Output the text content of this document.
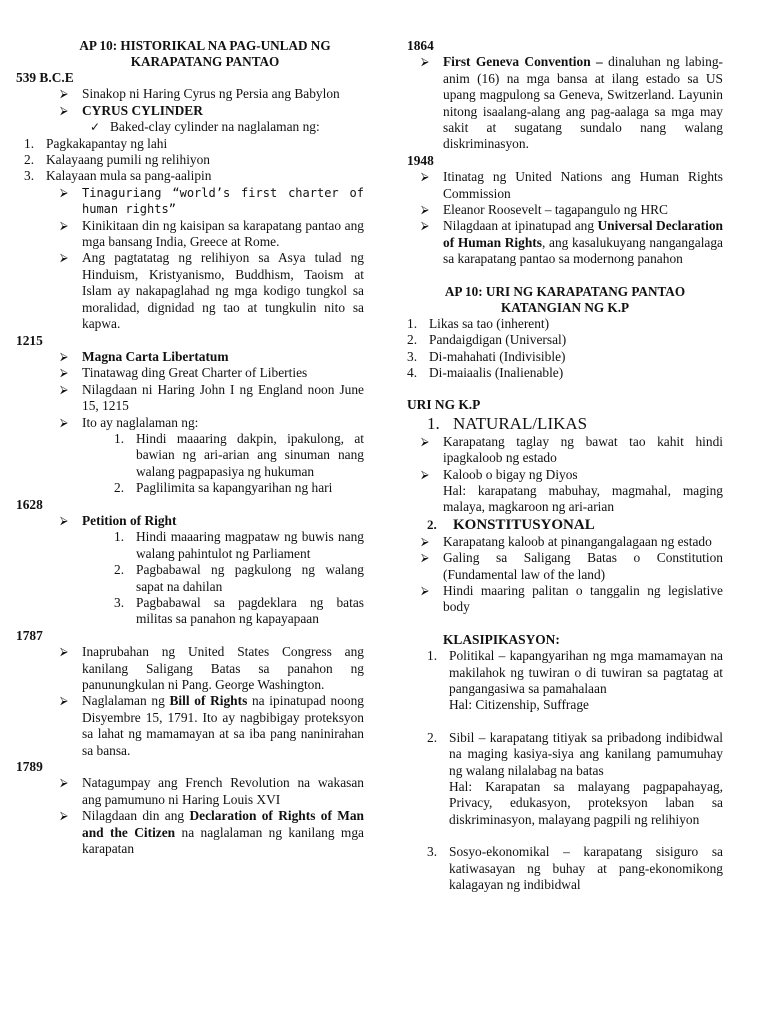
AP 10: HISTORIKAL NA PAG-UNLAD NG
KARAPATANG PANTAO
539 B.C.E
⮚	Sinakop ni Haring Cyrus ng Persia ang Babylon
⮚	CYRUS CYLINDER
✓ Baked-clay cylinder na naglalaman ng:
1. Pagkakapantay ng lahi
2. Kalayaang pumili ng relihiyon
3. Kalayaan mula sa pang-aalipin
⮚	Tinaguriang “world’s first charter of human rights”
⮚	Kinikitaan din ng kaisipan sa karapatang pantao ang mga bansang India, Greece at Rome.
⮚	Ang pagtatatag ng relihiyon sa Asya tulad ng Hinduism, Kristyanismo, Buddhism, Taoism at Islam ay nakapaglahad ng mga kodigo tungkol sa moralidad, dignidad ng tao at tungkulin nito sa kapwa.
1215
⮚	Magna Carta Libertatum
⮚	Tinatawag ding Great Charter of Liberties
⮚	Nilagdaan ni Haring John I ng England noon June 15, 1215
⮚	Ito ay naglalaman ng:
1. Hindi maaaring dakpin, ipakulong, at bawian ng ari-arian ang sinuman nang walang pagpapasiya ng hukuman
2. Paglilimita sa kapangyarihan ng hari
1628
⮚	Petition of Right
1. Hindi maaaring magpataw ng buwis nang walang pahintulot ng Parliament
2. Pagbabawal ng pagkulong ng walang sapat na dahilan
3. Pagbabawal sa pagdeklara ng batas militas sa panahon ng kapayapaan
1787
⮚	Inaprubahan ng United States Congress ang kanilang Saligang Batas sa panahon ng panunungkulan ni Pang. George Washington.
⮚	Naglalaman ng Bill of Rights na ipinatupad noong Disyembre 15, 1791. Ito ay nagbibigay proteksyon sa lahat ng mamamayan at sa iba pang naninirahan sa bansa.
1789
⮚	Natagumpay ang French Revolution na wakasan ang pamumuno ni Haring Louis XVI
⮚	Nilagdaan din ang Declaration of Rights of Man and the Citizen na naglalaman ng kanilang mga karapatan
1864
⮚	First Geneva Convention – dinaluhan ng labing-anim (16) na mga bansa at ilang estado sa US upang magpulong sa Geneva, Switzerland. Layunin nitong isaalang-alang ang pag-aalaga sa mga may sakit at sugatang sundalo nang walang diskriminasyon.
1948
⮚	Itinatag ng United Nations ang Human Rights Commission
⮚	Eleanor Roosevelt – tagapangulo ng HRC
⮚	Nilagdaan at ipinatupad ang Universal Declaration of Human Rights, ang kasalukuyang nangangalaga sa karapatang pantao sa modernong panahon
AP 10: URI NG KARAPATANG PANTAO
KATANGIAN NG K.P
1. Likas sa tao (inherent)
2. Pandaigdigan (Universal)
3. Di-mahahati (Indivisible)
4. Di-maiaalis (Inalienable)
URI NG K.P
1. NATURAL/LIKAS
⮚	Karapatang taglay ng bawat tao kahit hindi ipagkaloob ng estado
⮚	Kaloob o bigay ng Diyos
Hal: karapatang mabuhay, magmahal, maging malaya, magkaroon ng ari-arian
2.	KONSTITUSYONAL
⮚	Karapatang kaloob at pinangangalagaan ng estado
⮚	Galing sa Saligang Batas o Constitution (Fundamental law of the land)
⮚	Hindi maaring palitan o tanggalin ng legislative body
KLASIPIKASYON:
1. Politikal – kapangyarihan ng mga mamamayan na makilahok ng tuwiran o di tuwiran sa pagtatag at pangangasiwa sa pamahalaan
Hal: Citizenship, Suffrage
2. Sibil – karapatang titiyak sa pribadong indibidwal na maging kasiya-siya ang kanilang pamumuhay ng walang nilalabag na batas
Hal: Karapatan sa malayang pagpapahayag, Privacy, edukasyon, proteksyon laban sa diskriminasyon, malayang pagpili ng relihiyon
3. Sosyo-ekonomikal – karapatang sisiguro sa katiwasayan ng buhay at pang-ekonomikong kalagayan ng indibidwal
